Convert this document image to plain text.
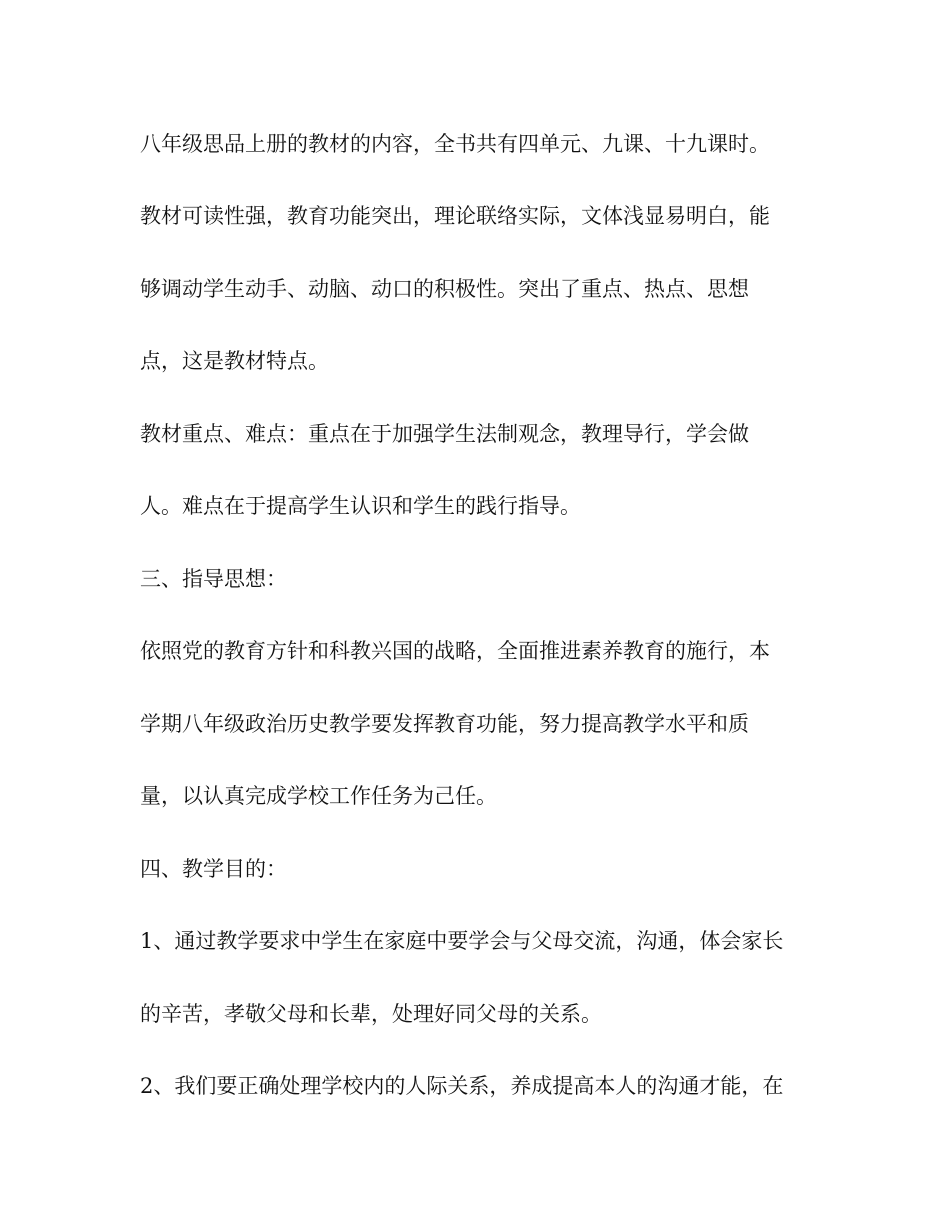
八年级思品上册的教材的内容，全书共有四单元、九课、十九课时。

教材可读性强，教育功能突出，理论联络实际，文体浅显易明白，能

够调动学生动手、动脑、动口的积极性。突出了重点、热点、思想

点，这是教材特点。

教材重点、难点：重点在于加强学生法制观念，教理导行，学会做

人。难点在于提高学生认识和学生的践行指导。

三、指导思想：

依照党的教育方针和科教兴国的战略，全面推进素养教育的施行，本

学期八年级政治历史教学要发挥教育功能，努力提高教学水平和质

量，以认真完成学校工作任务为己任。

四、教学目的：

1、通过教学要求中学生在家庭中要学会与父母交流，沟通，体会家长

的辛苦，孝敬父母和长辈，处理好同父母的关系。

2、我们要正确处理学校内的人际关系，养成提高本人的沟通才能，在
